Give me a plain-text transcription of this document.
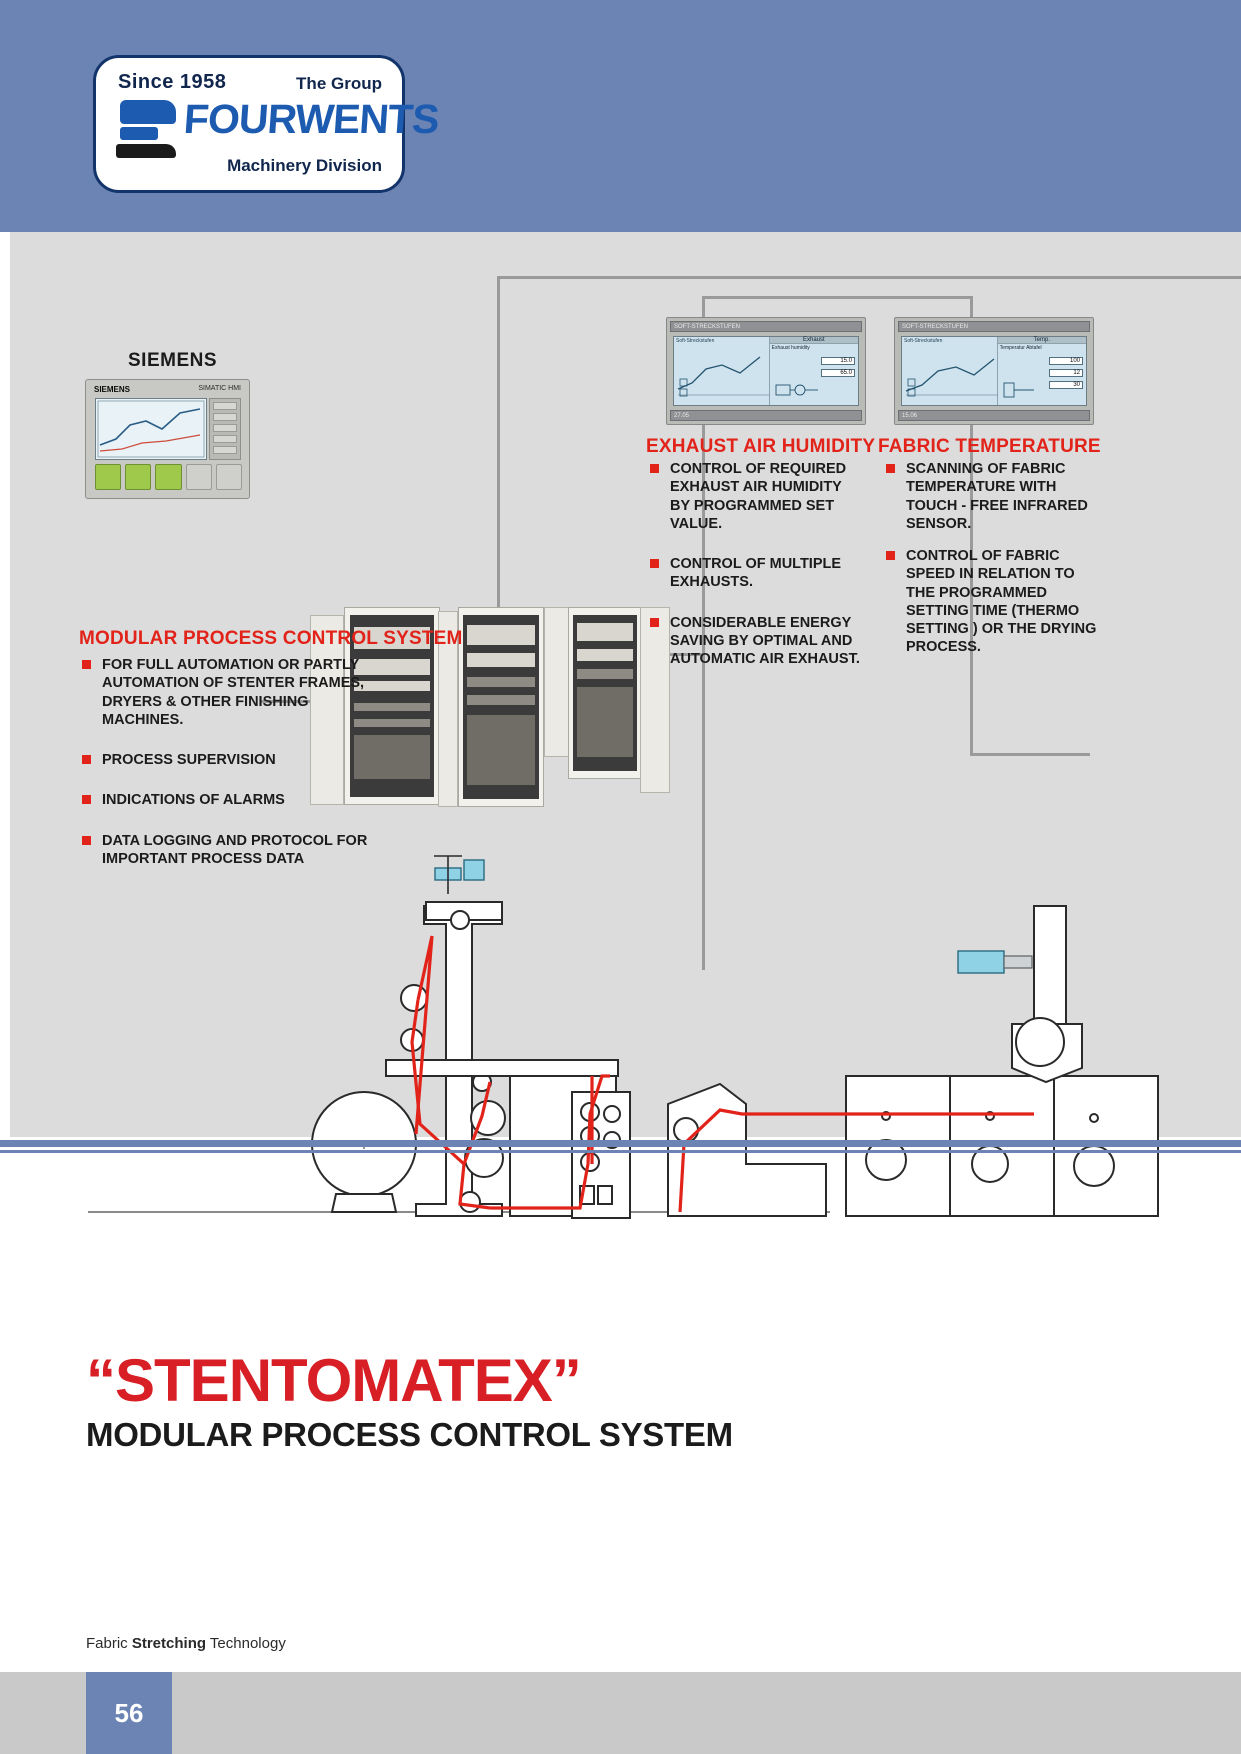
Since 1958	The Group
FOURWENTS
Machinery Division
SIEMENS
SIEMENS	SIMATIC HMI
SOFT-STRECKSTUFEN
27.05
Soft-Streckstufen	Exhaust
Exhaust humidity
15.0
65.0
SOFT-STRECKSTUFEN
15.06
Soft-Streckstufen	Temp.
Temperatur Abtafel
100
12
30
EXHAUST AIR HUMIDITY FABRIC TEMPERATURE
MODULAR PROCESS CONTROL SYSTEM
CONTROL OF REQUIRED EXHAUST AIR HUMIDITY BY PROGRAMMED SET VALUE.
CONTROL OF MULTIPLE EXHAUSTS.
CONSIDERABLE ENERGY SAVING BY OPTIMAL AND AUTOMATIC AIR EXHAUST.
SCANNING OF FABRIC TEMPERATURE WITH TOUCH - FREE INFRARED SENSOR.
CONTROL OF FABRIC SPEED IN RELATION TO THE PROGRAMMED SETTING TIME (THERMO SETTING ) OR THE DRYING PROCESS.
FOR FULL AUTOMATION OR PARTLY AUTOMATION OF STENTER FRAMES, DRYERS & OTHER FINISHING MACHINES.
PROCESS SUPERVISION
INDICATIONS OF ALARMS
DATA LOGGING AND PROTOCOL FOR IMPORTANT PROCESS DATA
“STENTOMATEX”
MODULAR PROCESS CONTROL SYSTEM
Fabric Stretching Technology
56
